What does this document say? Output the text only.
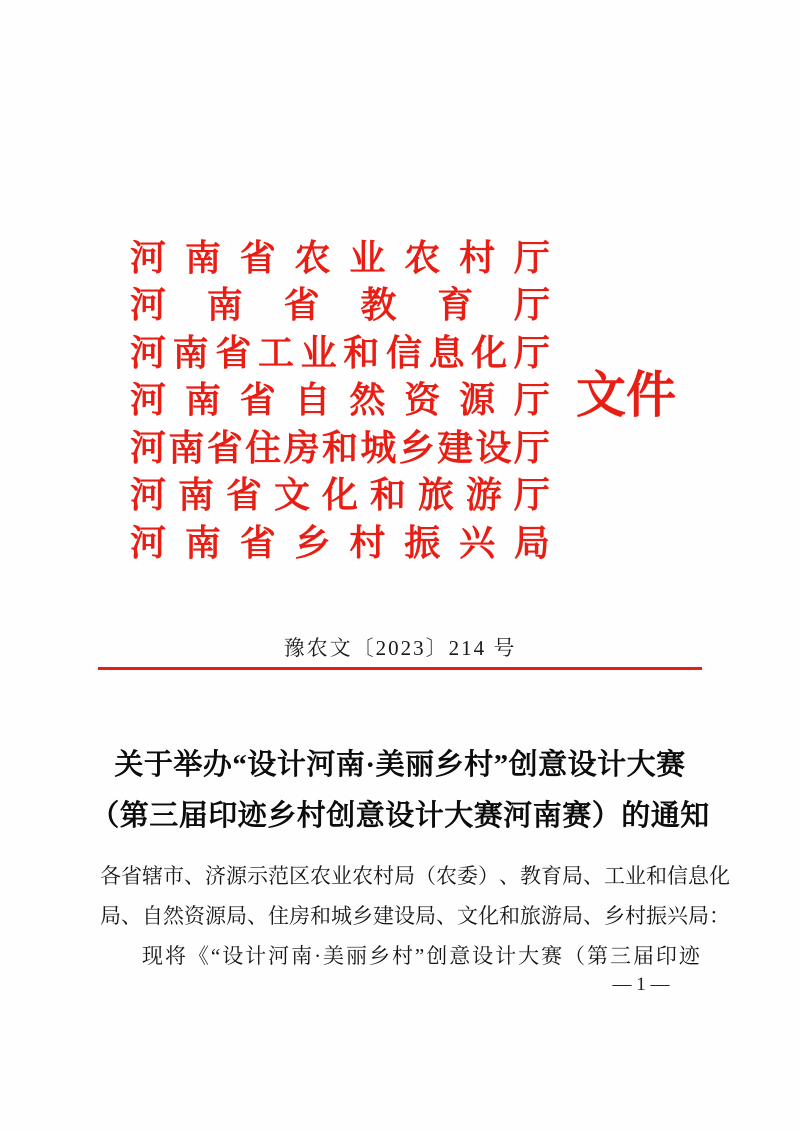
河 南 省 农 业 农 村 厅
河 南 省 教 育 厅
河 南 省 工 业 和 信 息 化 厅
河 南 省 自 然 资 源 厅
河 南 省 住 房 和 城 乡 建 设 厅
河 南 省 文 化 和 旅 游 厅
河 南 省 乡 村 振 兴 局
文件
豫农文〔2023〕214 号
关于举办“设计河南·美丽乡村”创意设计大赛
（第三届印迹乡村创意设计大赛河南赛）的通知
各 省 辖 市 、 济 源 示 范 区 农 业 农 村 局 （ 农 委 ） 、 教 育 局 、 工 业 和 信 息 化
局 、 自 然 资 源 局 、 住 房 和 城 乡 建 设 局 、 文 化 和 旅 游 局 、 乡 村 振 兴 局 ：
现 将 《 “ 设 计 河 南 · 美 丽 乡 村 ” 创 意 设 计 大 赛 （ 第 三 届 印 迹
— 1 —
